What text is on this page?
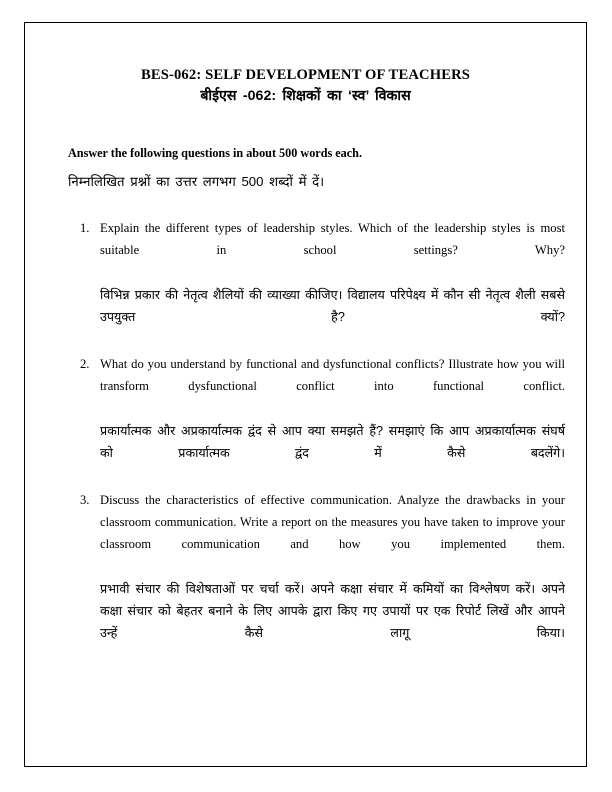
BES-062: SELF DEVELOPMENT OF TEACHERS
बीईएस -062: शिक्षकों का ‘स्व’ विकास
Answer the following questions in about 500 words each.
निम्नलिखित प्रश्नों का उत्तर लगभग 500 शब्दों में दें।
1. Explain the different types of leadership styles. Which of the leadership styles is most suitable in school settings? Why?
विभिन्न प्रकार की नेतृत्व शैलियों की व्याख्या कीजिए। विद्यालय परिपेक्ष्य में कौन सी नेतृत्व शैली सबसे उपयुक्त है? क्यों?
2. What do you understand by functional and dysfunctional conflicts? Illustrate how you will transform dysfunctional conflict into functional conflict.
प्रकार्यात्मक और अप्रकार्यात्मक द्वंद से आप क्या समझते हैं? समझाएं कि आप अप्रकार्यात्मक संघर्ष को प्रकार्यात्मक द्वंद में कैसे बदलेंगे।
3. Discuss the characteristics of effective communication. Analyze the drawbacks in your classroom communication. Write a report on the measures you have taken to improve your classroom communication and how you implemented them.
प्रभावी संचार की विशेषताओं पर चर्चा करें। अपने कक्षा संचार में कमियों का विश्लेषण करें। अपने कक्षा संचार को बेहतर बनाने के लिए आपके द्वारा किए गए उपायों पर एक रिपोर्ट लिखें और आपने उन्हें कैसे लागू किया।
